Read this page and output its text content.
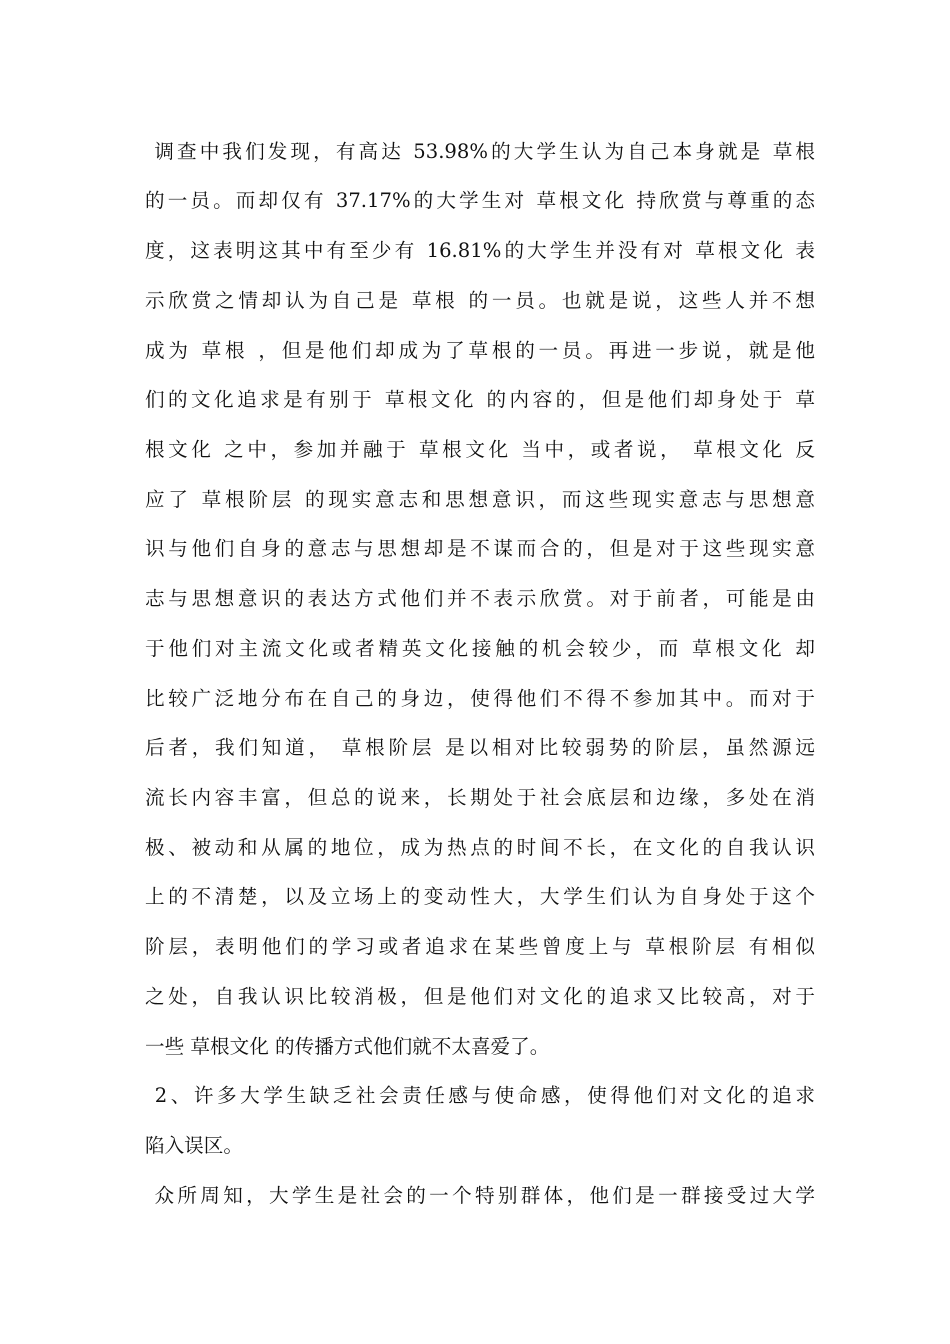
调查中我们发现，有高达 53.98%的大学生认为自己本身就是 草根
的一员。而却仅有 37.17%的大学生对 草根文化 持欣赏与尊重的态
度，这表明这其中有至少有 16.81%的大学生并没有对 草根文化 表
示欣赏之情却认为自己是 草根 的一员。也就是说，这些人并不想
成为 草根 ，但是他们却成为了草根的一员。再进一步说，就是他
们的文化追求是有别于 草根文化 的内容的，但是他们却身处于 草
根文化 之中，参加并融于 草根文化 当中，或者说， 草根文化 反
应了 草根阶层 的现实意志和思想意识，而这些现实意志与思想意
识与他们自身的意志与思想却是不谋而合的，但是对于这些现实意
志与思想意识的表达方式他们并不表示欣赏。对于前者，可能是由
于他们对主流文化或者精英文化接触的机会较少，而 草根文化 却
比较广泛地分布在自己的身边，使得他们不得不参加其中。而对于
后者，我们知道， 草根阶层 是以相对比较弱势的阶层，虽然源远
流长内容丰富，但总的说来，长期处于社会底层和边缘，多处在消
极、被动和从属的地位，成为热点的时间不长，在文化的自我认识
上的不清楚，以及立场上的变动性大，大学生们认为自身处于这个
阶层，表明他们的学习或者追求在某些曾度上与 草根阶层 有相似
之处，自我认识比较消极，但是他们对文化的追求又比较高，对于
一些 草根文化 的传播方式他们就不太喜爱了。
2、许多大学生缺乏社会责任感与使命感，使得他们对文化的追求
陷入误区。
众所周知，大学生是社会的一个特别群体，他们是一群接受过大学
